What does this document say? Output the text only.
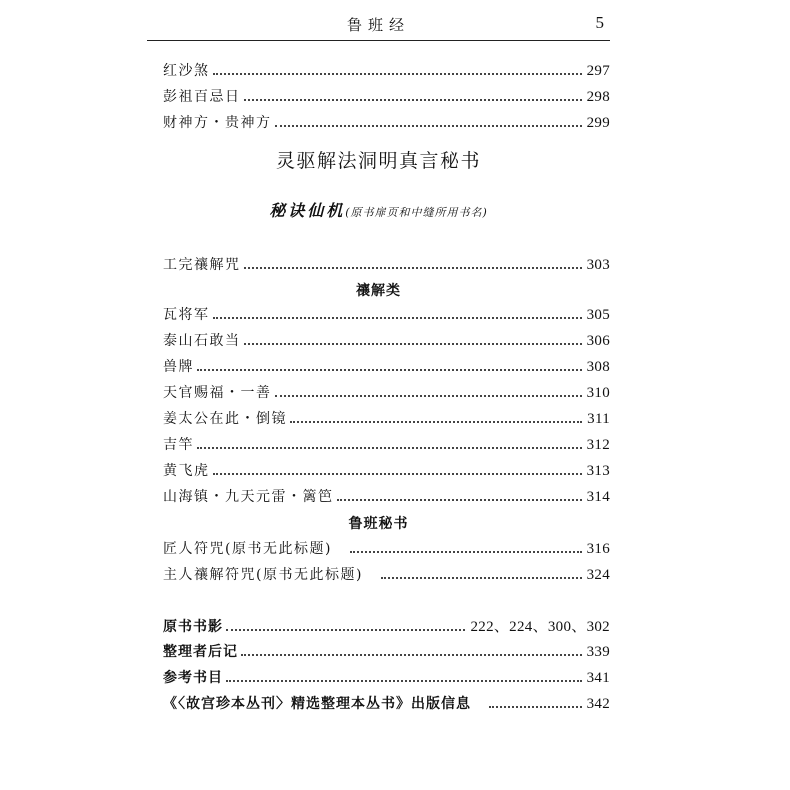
鲁班经	5
红沙煞	297
彭祖百忌日	298
财神方・贵神方	299
工完禳解咒	303
瓦将军	305
泰山石敢当	306
兽牌	308
天官赐福・一善	310
姜太公在此・倒镜	311
吉竿	312
黄飞虎	313
山海镇・九天元雷・篱笆	314
匠人符咒(原书无此标题)	316
主人禳解符咒(原书无此标题)	324
原书书影	222、224、300、302
整理者后记	339
参考书目	341
《〈故宫珍本丛刊〉精选整理本丛书》出版信息	342
灵驱解法洞明真言秘书
秘诀仙机(原书扉页和中缝所用书名)
禳解类
鲁班秘书
